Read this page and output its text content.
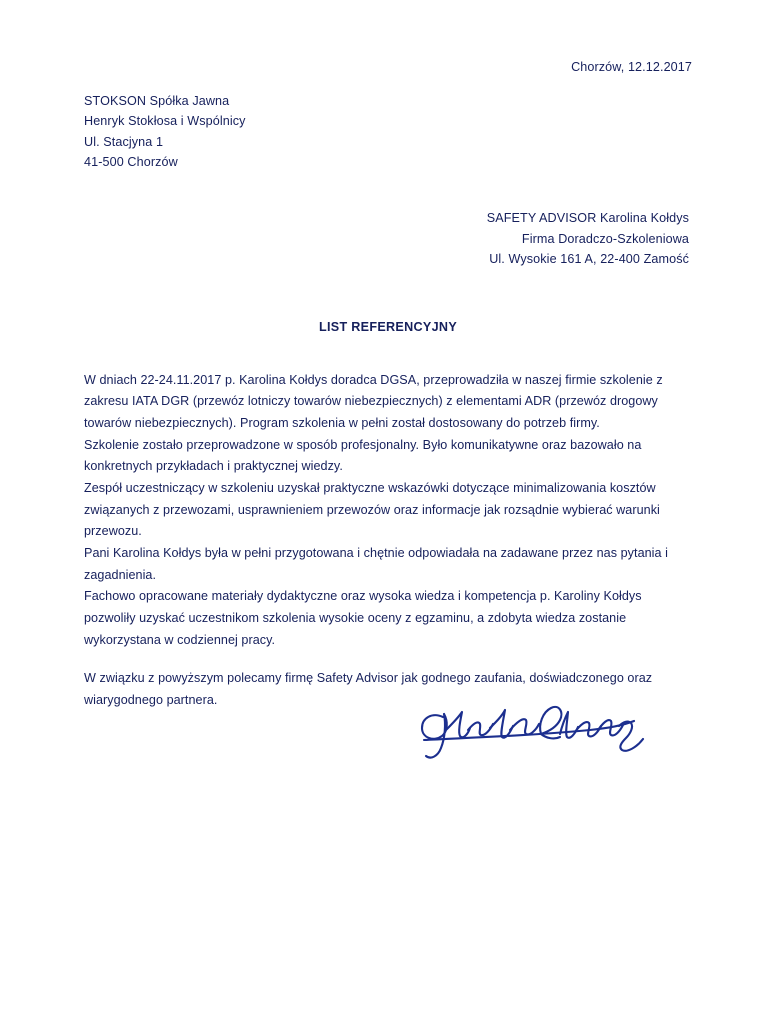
Chorzów, 12.12.2017
STOKSON Spółka Jawna
Henryk Stokłosa i Wspólnicy
Ul. Stacjyna 1
41-500 Chorzów
SAFETY ADVISOR Karolina Kołdys
Firma Doradczo-Szkoleniowa
Ul. Wysokie 161 A, 22-400 Zamość
LIST REFERENCYJNY

W dniach 22-24.11.2017 p. Karolina Kołdys doradca DGSA, przeprowadziła w naszej firmie szkolenie z zakresu IATA DGR (przewóz lotniczy towarów niebezpiecznych) z elementami ADR (przewóz drogowy towarów niebezpiecznych). Program szkolenia w pełni został dostosowany do potrzeb firmy.

Szkolenie zostało przeprowadzone w sposób profesjonalny. Było komunikatywne oraz bazowało na konkretnych przykładach i praktycznej wiedzy.

Zespół uczestniczący w szkoleniu uzyskał praktyczne wskazówki dotyczące minimalizowania kosztów związanych z przewozami, usprawnieniem przewozów oraz informacje jak rozsądnie wybierać warunki przewozu.

Pani Karolina Kołdys była w pełni przygotowana i chętnie odpowiadała na zadawane przez nas pytania i zagadnienia.

Fachowo opracowane materiały dydaktyczne oraz wysoka wiedza i kompetencja p. Karoliny Kołdys pozwoliły uzyskać uczestnikom szkolenia wysokie oceny z egzaminu, a zdobyta wiedza zostanie wykorzystana w codziennej pracy.

W związku z powyższym polecamy firmę Safety Advisor jak godnego zaufania, doświadczonego oraz wiarygodnego partnera.
